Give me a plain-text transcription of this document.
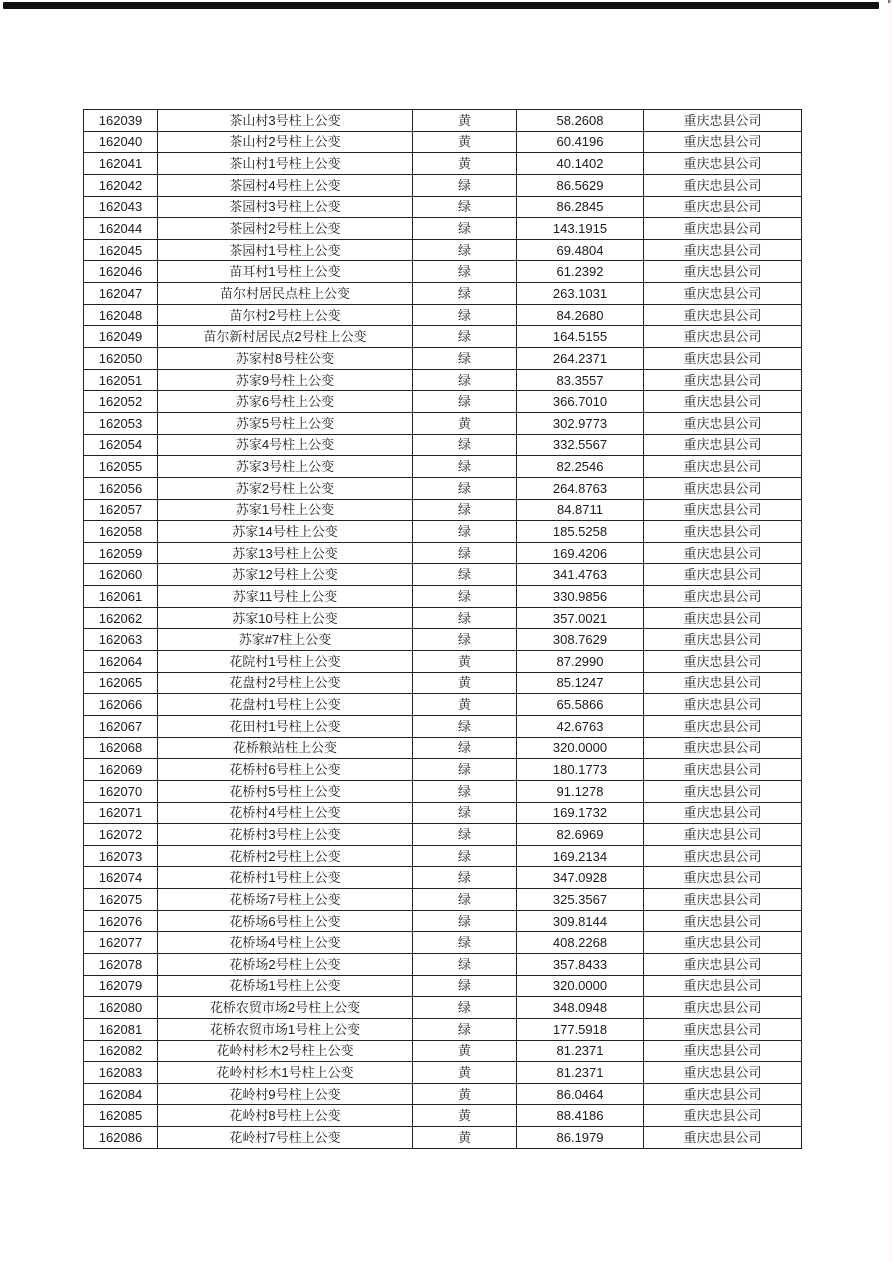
162039	茶山村3号柱上公变	黄	58.2608	重庆忠县公司
162040	茶山村2号柱上公变	黄	60.4196	重庆忠县公司
162041	茶山村1号柱上公变	黄	40.1402	重庆忠县公司
162042	茶园村4号柱上公变	绿	86.5629	重庆忠县公司
162043	茶园村3号柱上公变	绿	86.2845	重庆忠县公司
162044	茶园村2号柱上公变	绿	143.1915	重庆忠县公司
162045	茶园村1号柱上公变	绿	69.4804	重庆忠县公司
162046	苗耳村1号柱上公变	绿	61.2392	重庆忠县公司
162047	苗尔村居民点柱上公变	绿	263.1031	重庆忠县公司
162048	苗尔村2号柱上公变	绿	84.2680	重庆忠县公司
162049	苗尔新村居民点2号柱上公变	绿	164.5155	重庆忠县公司
162050	苏家村8号柱公变	绿	264.2371	重庆忠县公司
162051	苏家9号柱上公变	绿	83.3557	重庆忠县公司
162052	苏家6号柱上公变	绿	366.7010	重庆忠县公司
162053	苏家5号柱上公变	黄	302.9773	重庆忠县公司
162054	苏家4号柱上公变	绿	332.5567	重庆忠县公司
162055	苏家3号柱上公变	绿	82.2546	重庆忠县公司
162056	苏家2号柱上公变	绿	264.8763	重庆忠县公司
162057	苏家1号柱上公变	绿	84.8711	重庆忠县公司
162058	苏家14号柱上公变	绿	185.5258	重庆忠县公司
162059	苏家13号柱上公变	绿	169.4206	重庆忠县公司
162060	苏家12号柱上公变	绿	341.4763	重庆忠县公司
162061	苏家11号柱上公变	绿	330.9856	重庆忠县公司
162062	苏家10号柱上公变	绿	357.0021	重庆忠县公司
162063	苏家#7柱上公变	绿	308.7629	重庆忠县公司
162064	花院村1号柱上公变	黄	87.2990	重庆忠县公司
162065	花盘村2号柱上公变	黄	85.1247	重庆忠县公司
162066	花盘村1号柱上公变	黄	65.5866	重庆忠县公司
162067	花田村1号柱上公变	绿	42.6763	重庆忠县公司
162068	花桥粮站柱上公变	绿	320.0000	重庆忠县公司
162069	花桥村6号柱上公变	绿	180.1773	重庆忠县公司
162070	花桥村5号柱上公变	绿	91.1278	重庆忠县公司
162071	花桥村4号柱上公变	绿	169.1732	重庆忠县公司
162072	花桥村3号柱上公变	绿	82.6969	重庆忠县公司
162073	花桥村2号柱上公变	绿	169.2134	重庆忠县公司
162074	花桥村1号柱上公变	绿	347.0928	重庆忠县公司
162075	花桥场7号柱上公变	绿	325.3567	重庆忠县公司
162076	花桥场6号柱上公变	绿	309.8144	重庆忠县公司
162077	花桥场4号柱上公变	绿	408.2268	重庆忠县公司
162078	花桥场2号柱上公变	绿	357.8433	重庆忠县公司
162079	花桥场1号柱上公变	绿	320.0000	重庆忠县公司
162080	花桥农贸市场2号柱上公变	绿	348.0948	重庆忠县公司
162081	花桥农贸市场1号柱上公变	绿	177.5918	重庆忠县公司
162082	花岭村杉木2号柱上公变	黄	81.2371	重庆忠县公司
162083	花岭村杉木1号柱上公变	黄	81.2371	重庆忠县公司
162084	花岭村9号柱上公变	黄	86.0464	重庆忠县公司
162085	花岭村8号柱上公变	黄	88.4186	重庆忠县公司
162086	花岭村7号柱上公变	黄	86.1979	重庆忠县公司
